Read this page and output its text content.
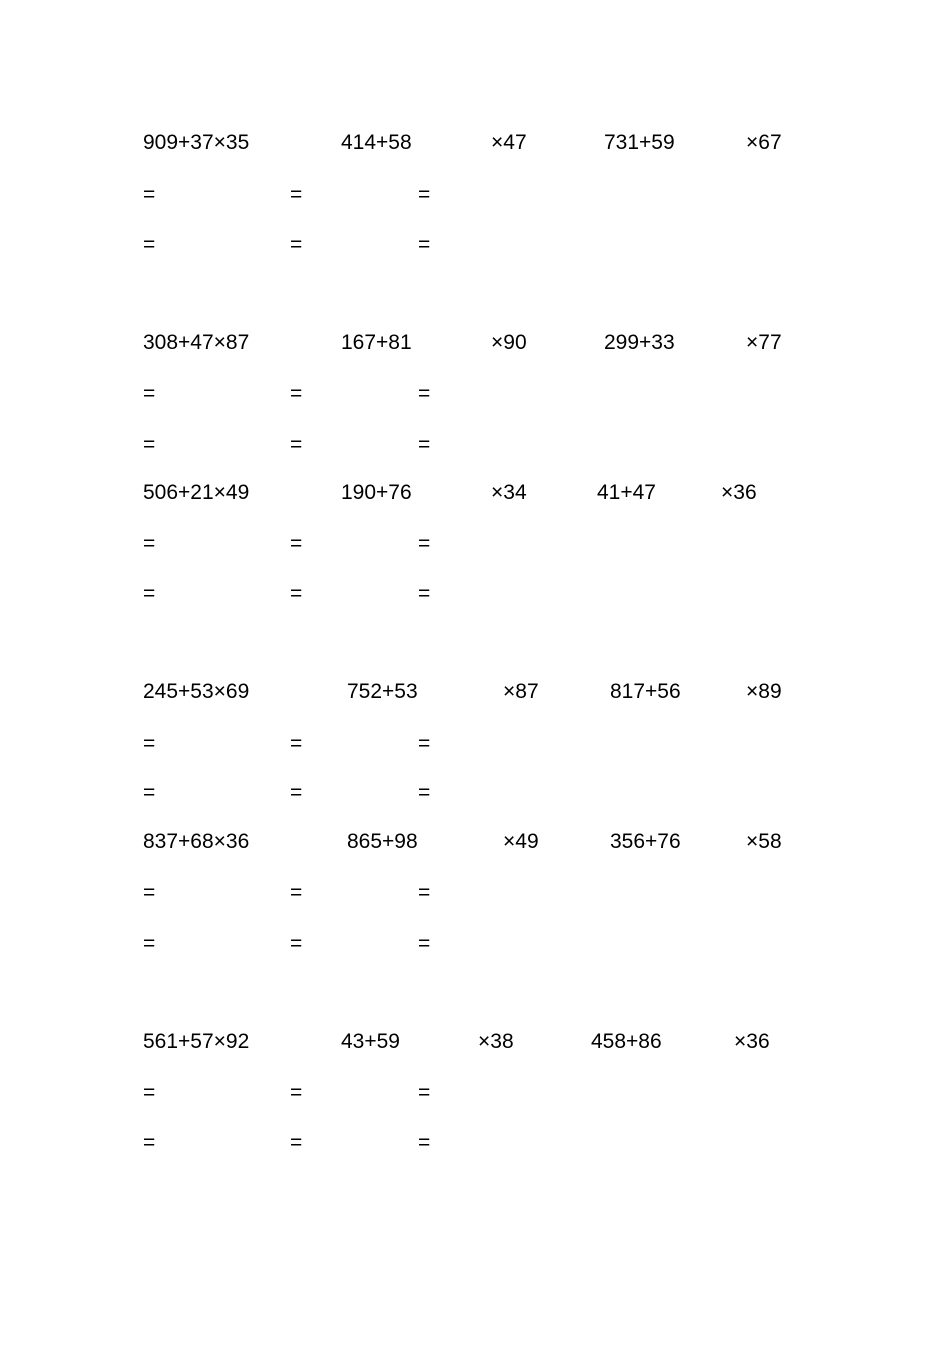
909+37×35	414+58	×47	731+59	×67
=	=	=
=	=	=
308+47×87	167+81	×90	299+33	×77
=	=	=
=	=	=
506+21×49	190+76	×34	41+47	×36
=	=	=
=	=	=
245+53×69	752+53	×87	817+56	×89
=	=	=
=	=	=
837+68×36	865+98	×49	356+76	×58
=	=	=
=	=	=
561+57×92	43+59	×38	458+86	×36
=	=	=
=	=	=
